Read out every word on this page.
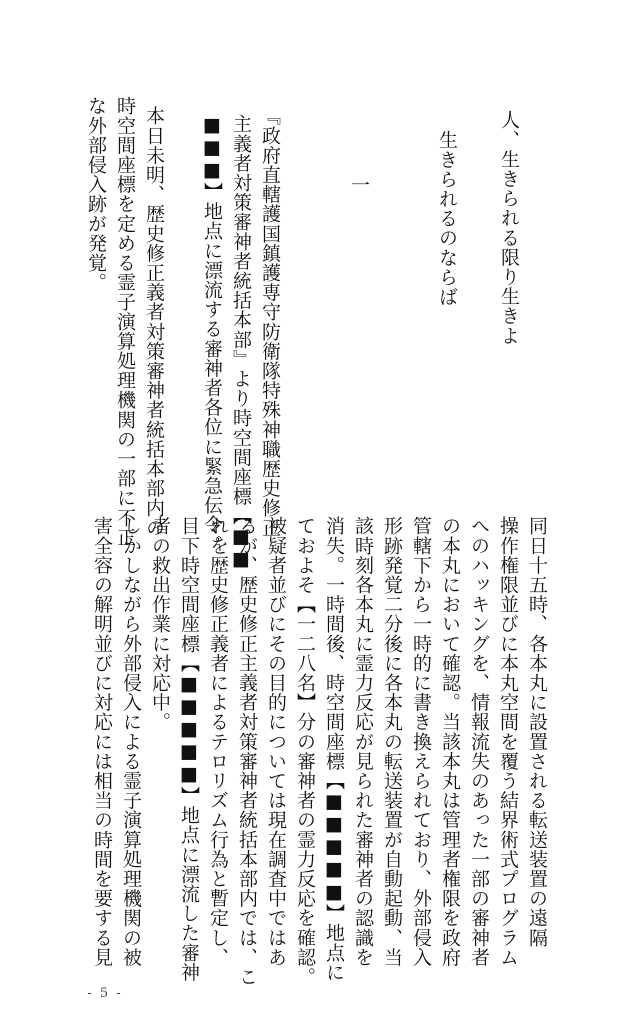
人、生きられる限り生きよ
生きられるのならば
一
『政府直轄護国鎮護専守防衛隊特殊神職歴史修正
主義者対策審神者統括本部』より時空間座標【■■
■■■】地点に漂流する審神者各位に緊急伝令。
本日未明、歴史修正義者対策審神者統括本部内の
時空間座標を定める霊子演算処理機関の一部に不正
な外部侵入跡が発覚。
同日十五時、各本丸に設置される転送装置の遠隔
操作権限並びに本丸空間を覆う結界術式プログラム
へのハッキングを、情報流失のあった一部の審神者
の本丸において確認。当該本丸は管理者権限を政府
管轄下から一時的に書き換えられており、外部侵入
形跡発覚二分後に各本丸の転送装置が自動起動、当
該時刻各本丸に霊力反応が見られた審神者の認識を
消失。一時間後、時空間座標【■■■■■】地点に
ておよそ【一二八名】分の審神者の霊力反応を確認。
被疑者並びにその目的については現在調査中ではあ
るが、歴史修正主義者対策審神者統括本部内では、こ
れを歴史修正義者によるテロリズム行為と暫定し、
目下時空間座標【■■■■■】地点に漂流した審神
者の救出作業に対応中。
しかしながら外部侵入による霊子演算処理機関の被
害全容の解明並びに対応には相当の時間を要する見
- 5 -
